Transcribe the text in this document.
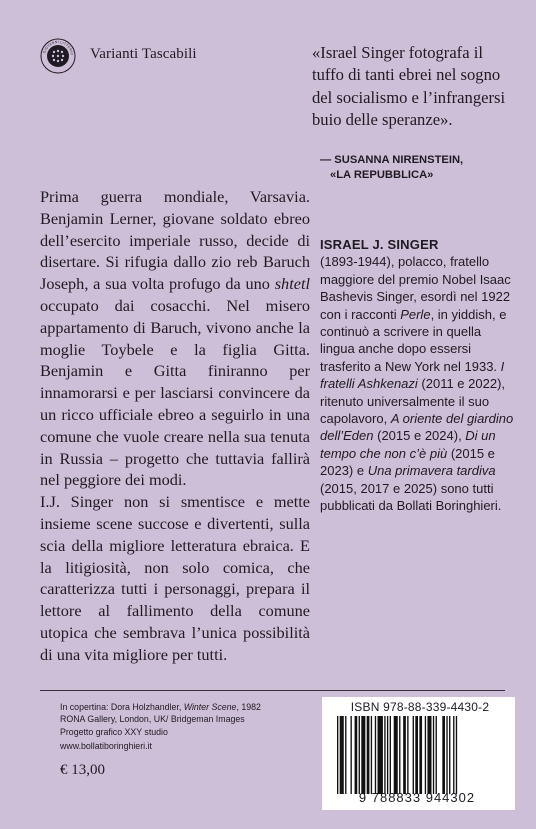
GIOVANNI LITTERIO Varianti Tascabili	«Israel Singer fotografa il tuffo di tanti ebrei nel sogno del socialismo e l’infrangersi buio delle speranze».
— SUSANNA NIRENSTEIN,
«LA REPUBBLICA»

Prima guerra mondiale, Varsavia. Benjamin Lerner, giovane soldato ebreo dell’esercito imperiale russo, decide di disertare. Si rifugia dallo zio reb Baruch Joseph, a sua volta profugo da uno shtetl occupato dai cosacchi. Nel misero appartamento di Baruch, vivono anche la moglie Toybele e la figlia Gitta. Benjamin e Gitta finiranno per innamorarsi e per lasciarsi convincere da un ricco ufficiale ebreo a seguirlo in una comune che vuole creare nella sua tenuta in Russia – progetto che tuttavia fallirà nel peggiore dei modi.

I.J. Singer non si smentisce e mette insieme scene succose e divertenti, sulla scia della migliore letteratura ebraica. E la litigiosità, non solo comica, che caratterizza tutti i personaggi, prepara il lettore al fallimento della comune utopica che sembrava l’unica possibilità di una vita migliore per tutti.

ISRAEL J. SINGER
(1893-1944), polacco, fratello maggiore del premio Nobel Isaac Bashevis Singer, esordì nel 1922 con i racconti Perle, in yiddish, e continuò a scrivere in quella lingua anche dopo essersi trasferito a New York nel 1933. I fratelli Ashkenazi (2011 e 2022), ritenuto universalmente il suo capolavoro, A oriente del giardino dell’Eden (2015 e 2024), Di un tempo che non c’è più (2015 e 2023) e Una primavera tardiva (2015, 2017 e 2025) sono tutti pubblicati da Bollati Boringhieri.
In copertina: Dora Holzhandler, Winter Scene, 1982
RONA Gallery, London, UK/ Bridgeman Images
Progetto grafico XXY studio
www.bollatiboringhieri.it
€ 13,00
ISBN 978-88-339-4430-2
9 788833 944302
